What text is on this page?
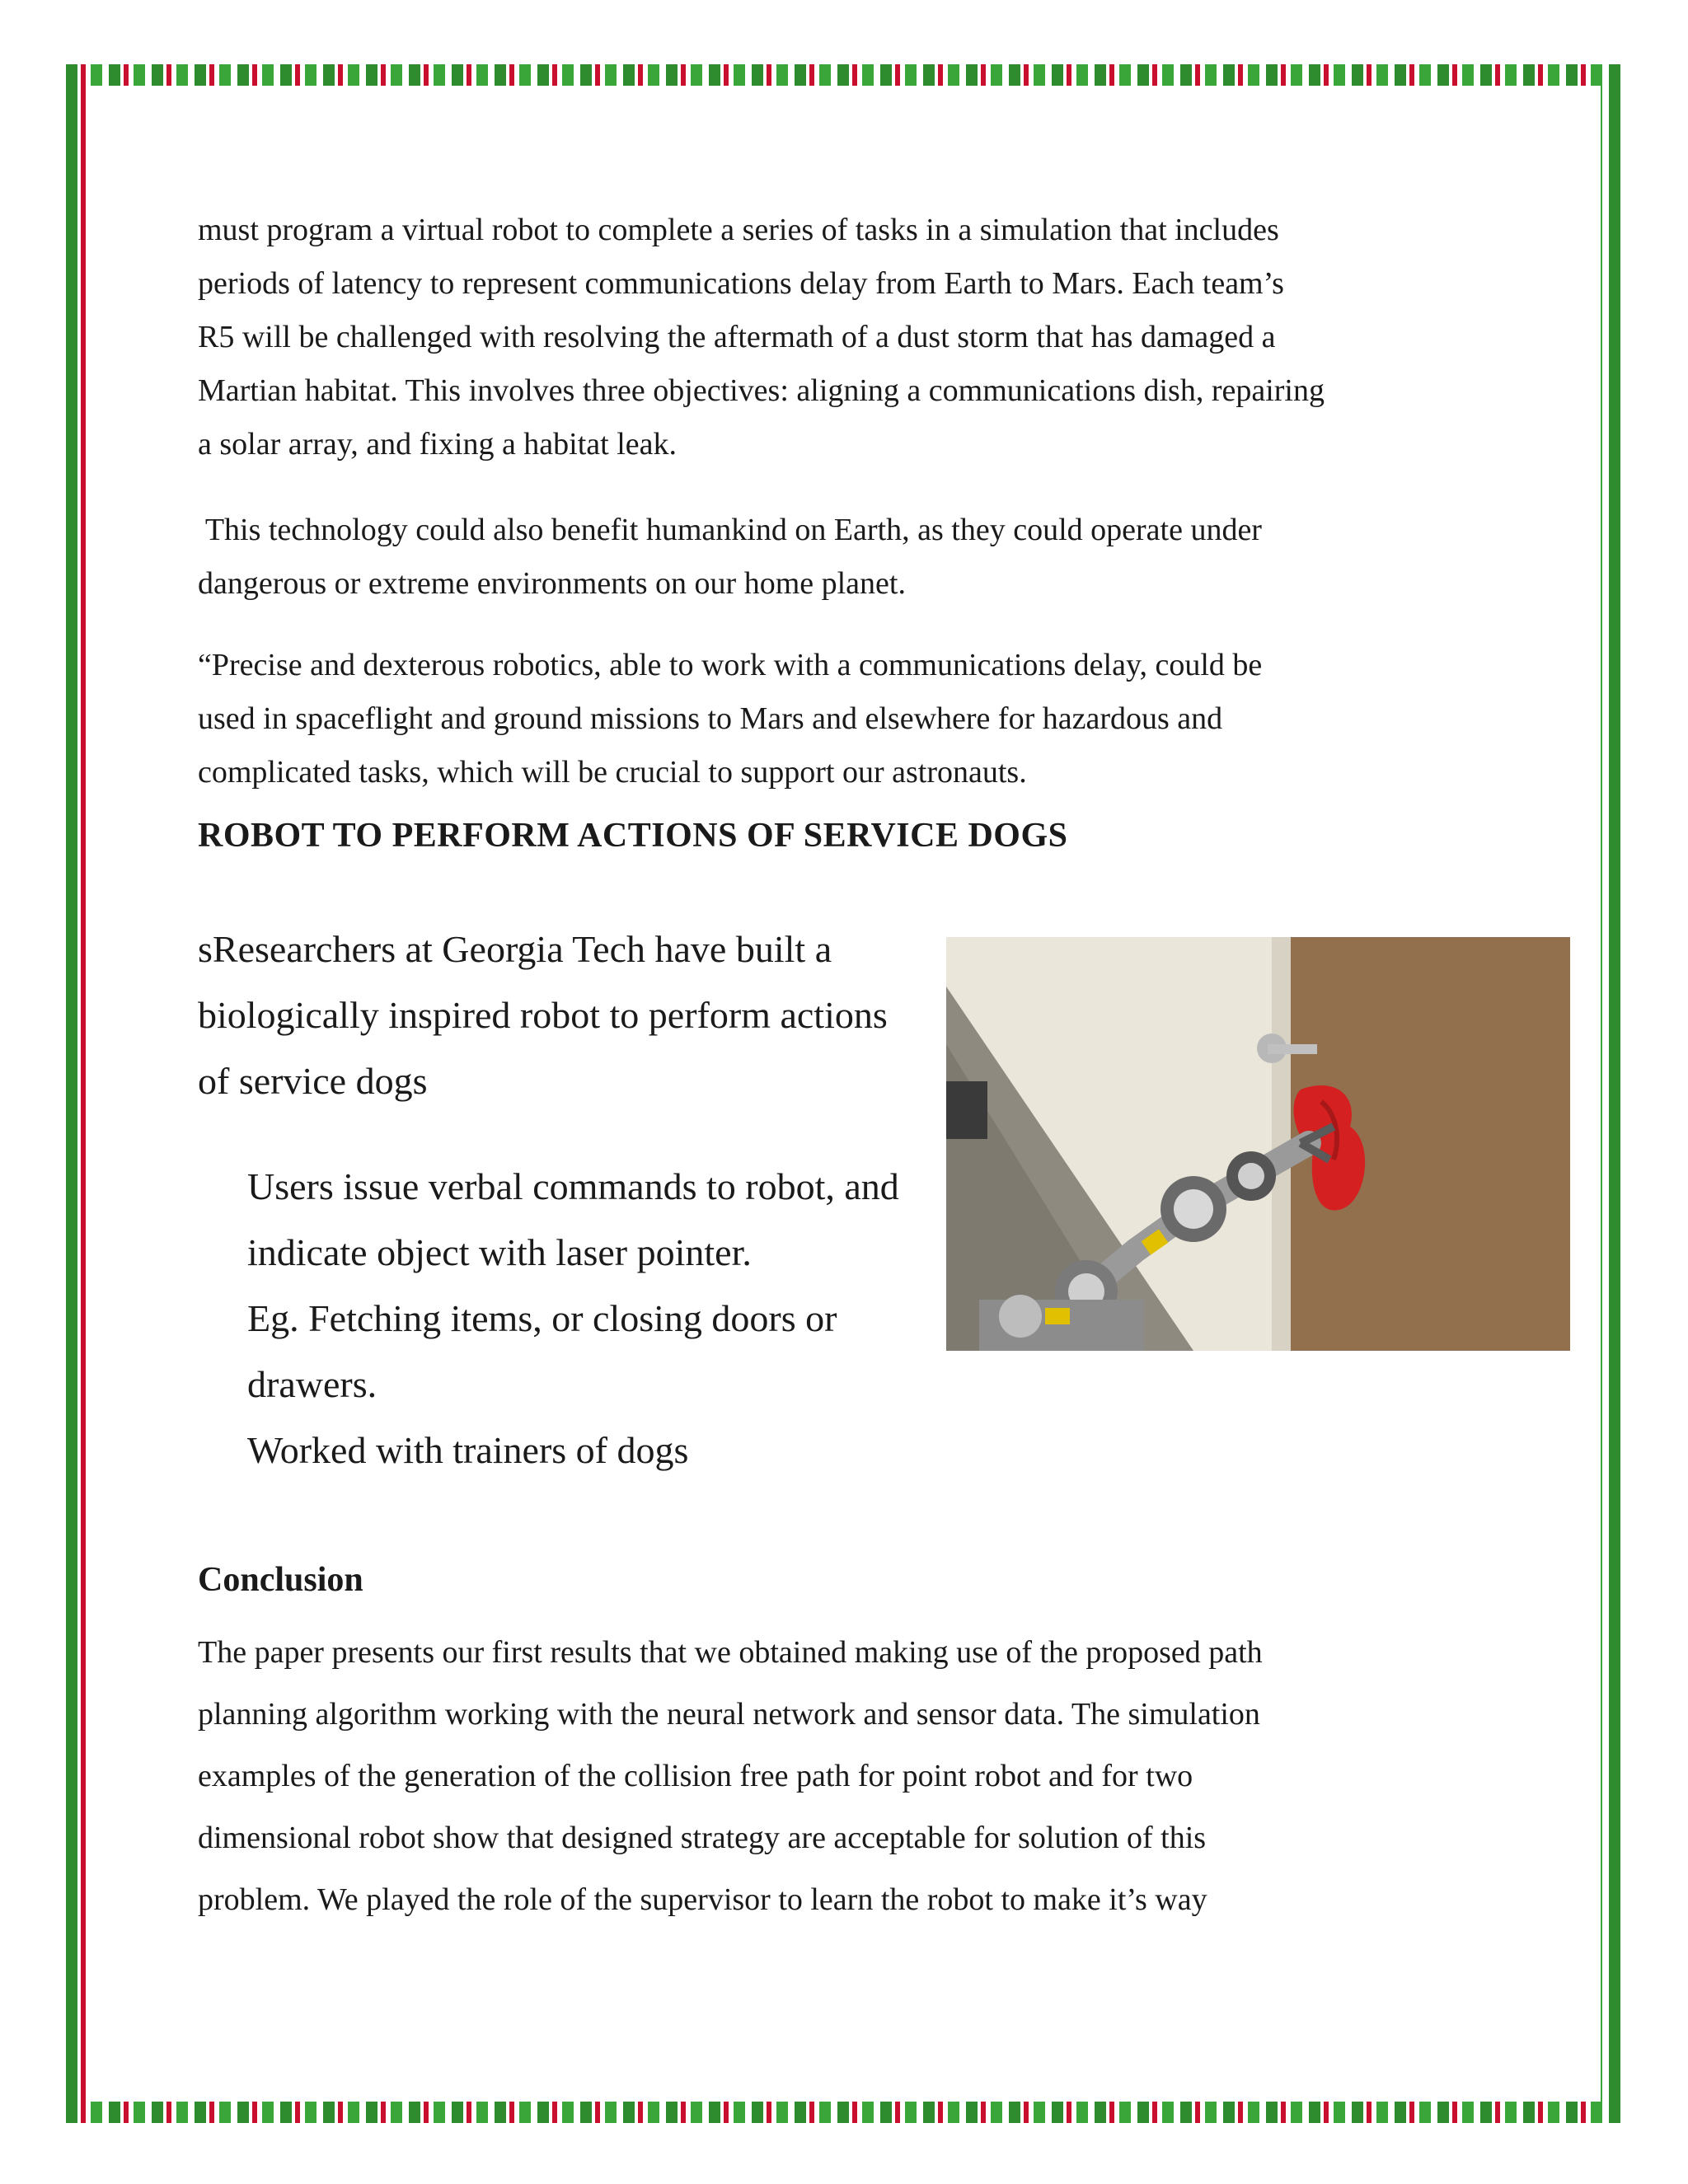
must program a virtual robot to complete a series of tasks in a simulation that includes

periods of latency to represent communications delay from Earth to Mars. Each team’s

R5 will be challenged with resolving the aftermath of a dust storm that has damaged a

Martian habitat. This involves three objectives: aligning a communications dish, repairing

a solar array, and fixing a habitat leak.

This technology could also benefit humankind on Earth, as they could operate under

dangerous or extreme environments on our home planet.

“Precise and dexterous robotics, able to work with a communications delay, could be

used in spaceflight and ground missions to Mars and elsewhere for hazardous and

complicated tasks, which will be crucial to support our astronauts.

ROBOT TO PERFORM ACTIONS OF SERVICE DOGS

sResearchers at Georgia Tech have built a

biologically inspired robot to perform actions

of service dogs

Users issue verbal commands to robot, and

indicate object with laser pointer.

Eg. Fetching items, or closing doors or

drawers.

Worked with trainers of dogs

Conclusion

The paper presents our first results that we obtained making use of the proposed path

planning algorithm working with the neural network and sensor data. The simulation

examples of the generation of the collision free path for point robot and for two

dimensional robot show that designed strategy are acceptable for solution of this

problem. We played the role of the supervisor to learn the robot to make it’s way
